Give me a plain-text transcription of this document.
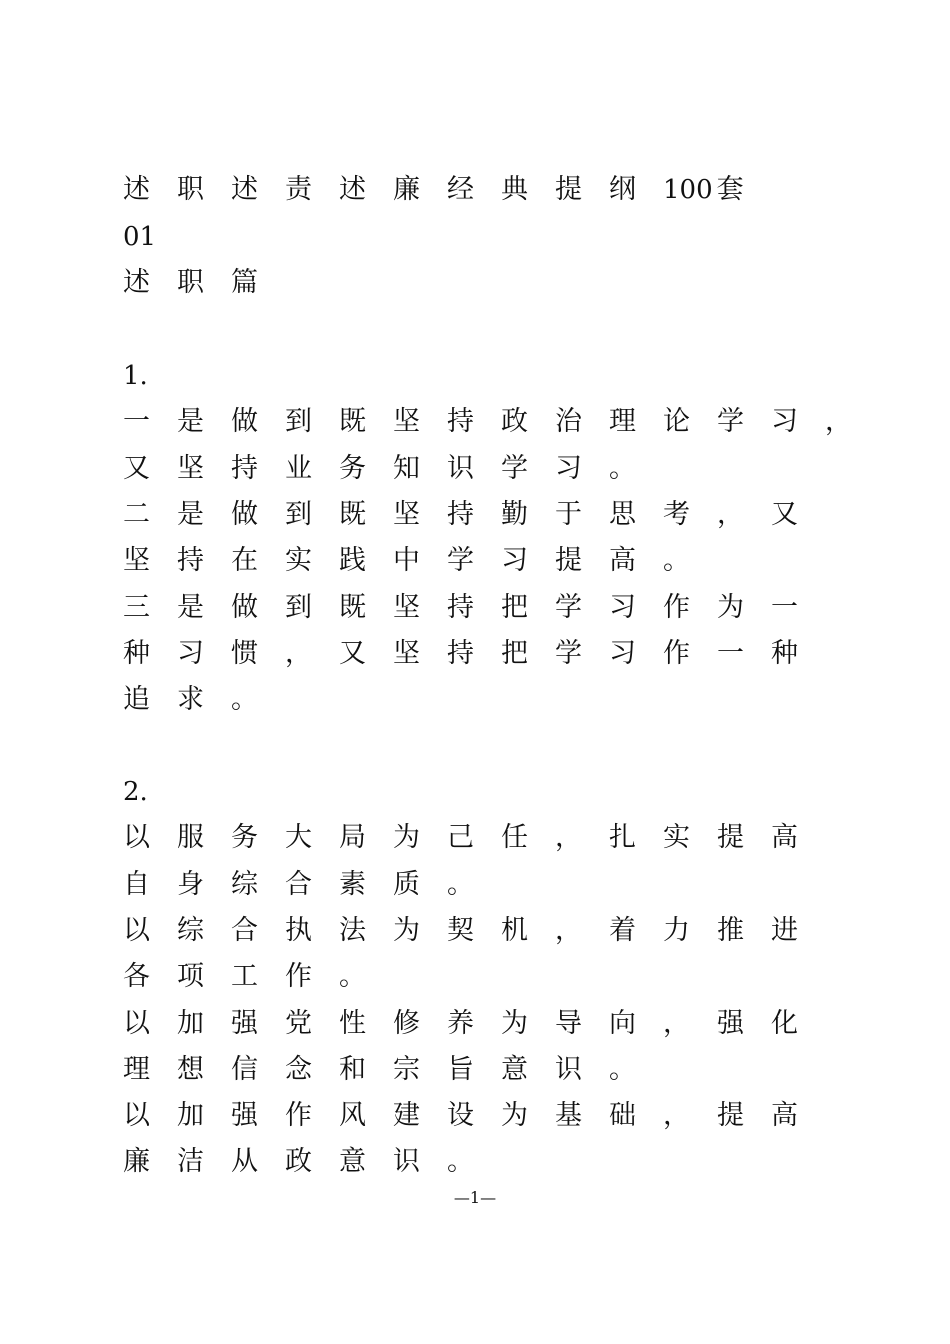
述 职 述 责 述 廉 经 典 提 纲 100 套
01
述 职 篇
1.
一 是 做 到 既 坚 持 政 治 理 论 学 习 ，
又 坚 持 业 务 知 识 学 习 。
二 是 做 到 既 坚 持 勤 于 思 考 ， 又
坚 持 在 实 践 中 学 习 提 高 。
三 是 做 到 既 坚 持 把 学 习 作 为 一
种 习 惯 ， 又 坚 持 把 学 习 作 一 种
追 求 。
2.
以 服 务 大 局 为 己 任 ， 扎 实 提 高
自 身 综 合 素 质 。
以 综 合 执 法 为 契 机 ， 着 力 推 进
各 项 工 作 。
以 加 强 党 性 修 养 为 导 向 ， 强 化
理 想 信 念 和 宗 旨 意 识 。
以 加 强 作 风 建 设 为 基 础 ， 提 高
廉 洁 从 政 意 识 。
—1—
